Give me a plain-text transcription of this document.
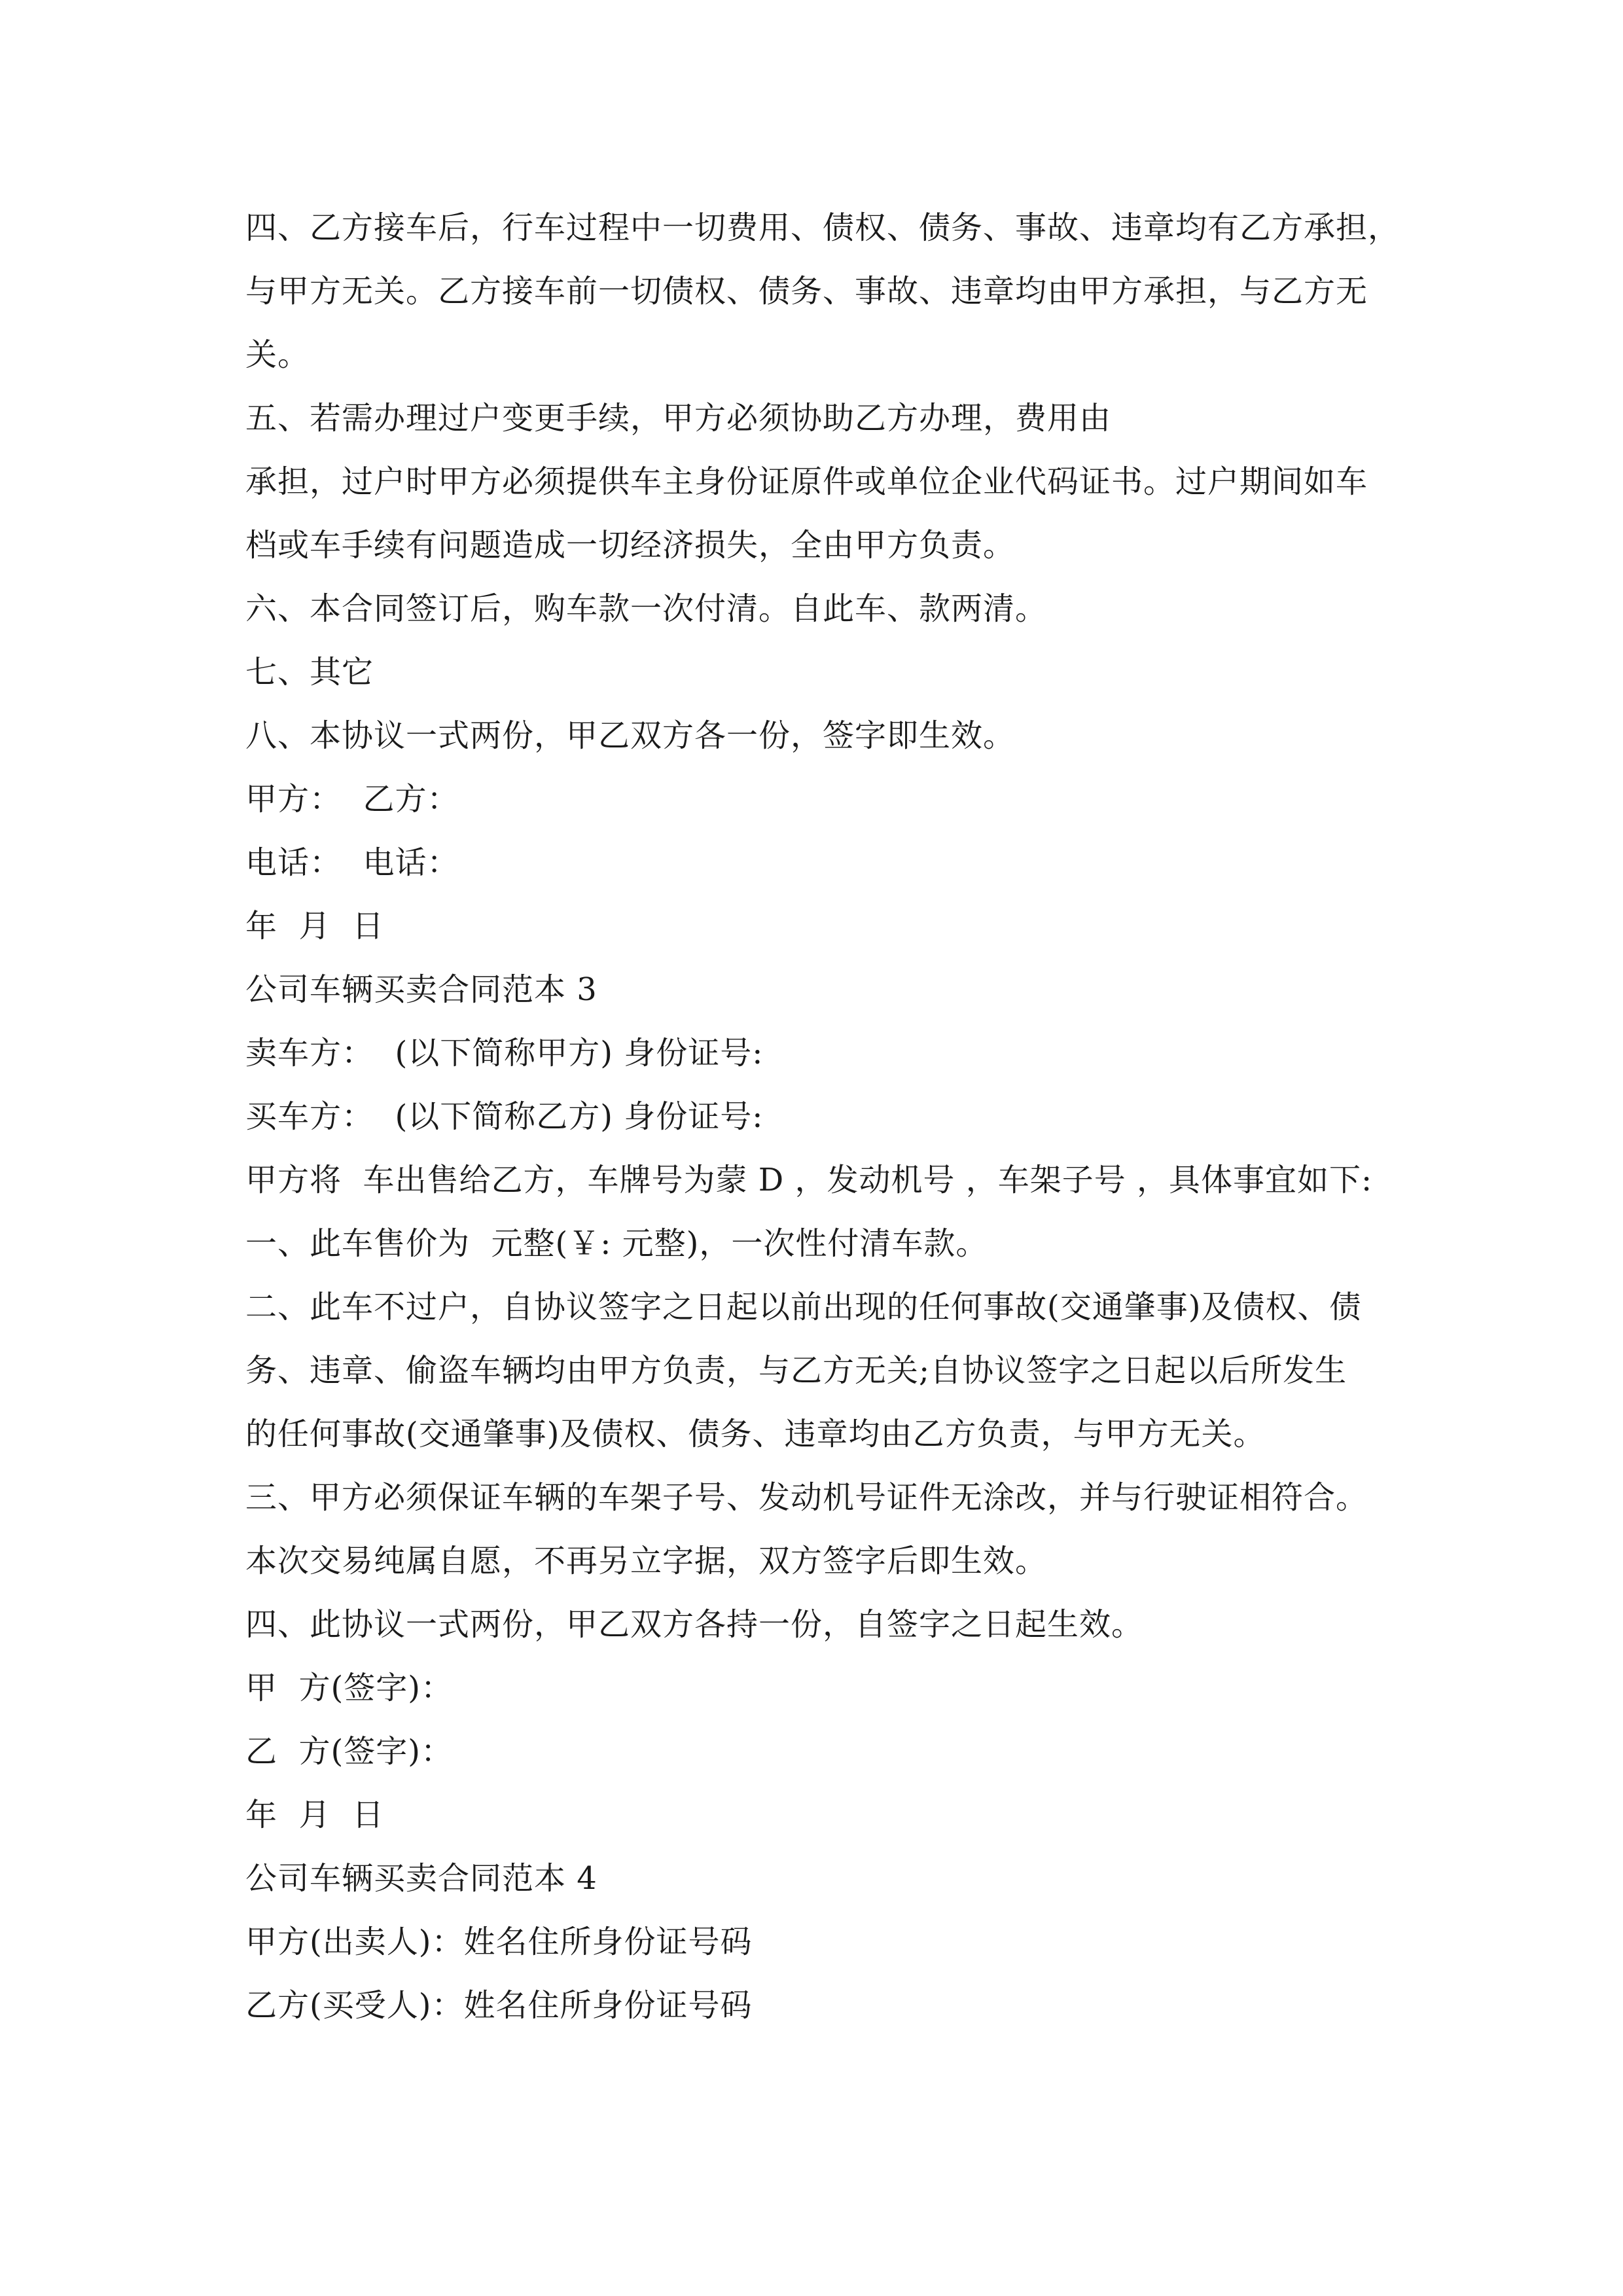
四、乙方接车后，行车过程中一切费用、债权、债务、事故、违章均有乙方承担，
与甲方无关。乙方接车前一切债权、债务、事故、违章均由甲方承担，与乙方无
关。
五、若需办理过户变更手续，甲方必须协助乙方办理，费用由
承担，过户时甲方必须提供车主身份证原件或单位企业代码证书。过户期间如车
档或车手续有问题造成一切经济损失，全由甲方负责。
六、本合同签订后，购车款一次付清。自此车、款两清。
七、其它
八、本协议一式两份，甲乙双方各一份，签字即生效。
甲方：  乙方：
电话：  电话：
年  月  日
公司车辆买卖合同范本 3
卖车方：  (以下简称甲方) 身份证号:
买车方：  (以下简称乙方) 身份证号:
甲方将  车出售给乙方，车牌号为蒙 D ，发动机号 ，车架子号 ，具体事宜如下:
一、此车售价为  元整(￥: 元整)，一次性付清车款。
二、此车不过户，自协议签字之日起以前出现的任何事故(交通肇事)及债权、债
务、违章、偷盗车辆均由甲方负责，与乙方无关;自协议签字之日起以后所发生
的任何事故(交通肇事)及债权、债务、违章均由乙方负责，与甲方无关。
三、甲方必须保证车辆的车架子号、发动机号证件无涂改，并与行驶证相符合。
本次交易纯属自愿，不再另立字据，双方签字后即生效。
四、此协议一式两份，甲乙双方各持一份，自签字之日起生效。
甲  方(签字)：
乙  方(签字)：
年  月  日
公司车辆买卖合同范本 4
甲方(出卖人)：姓名住所身份证号码
乙方(买受人)：姓名住所身份证号码
